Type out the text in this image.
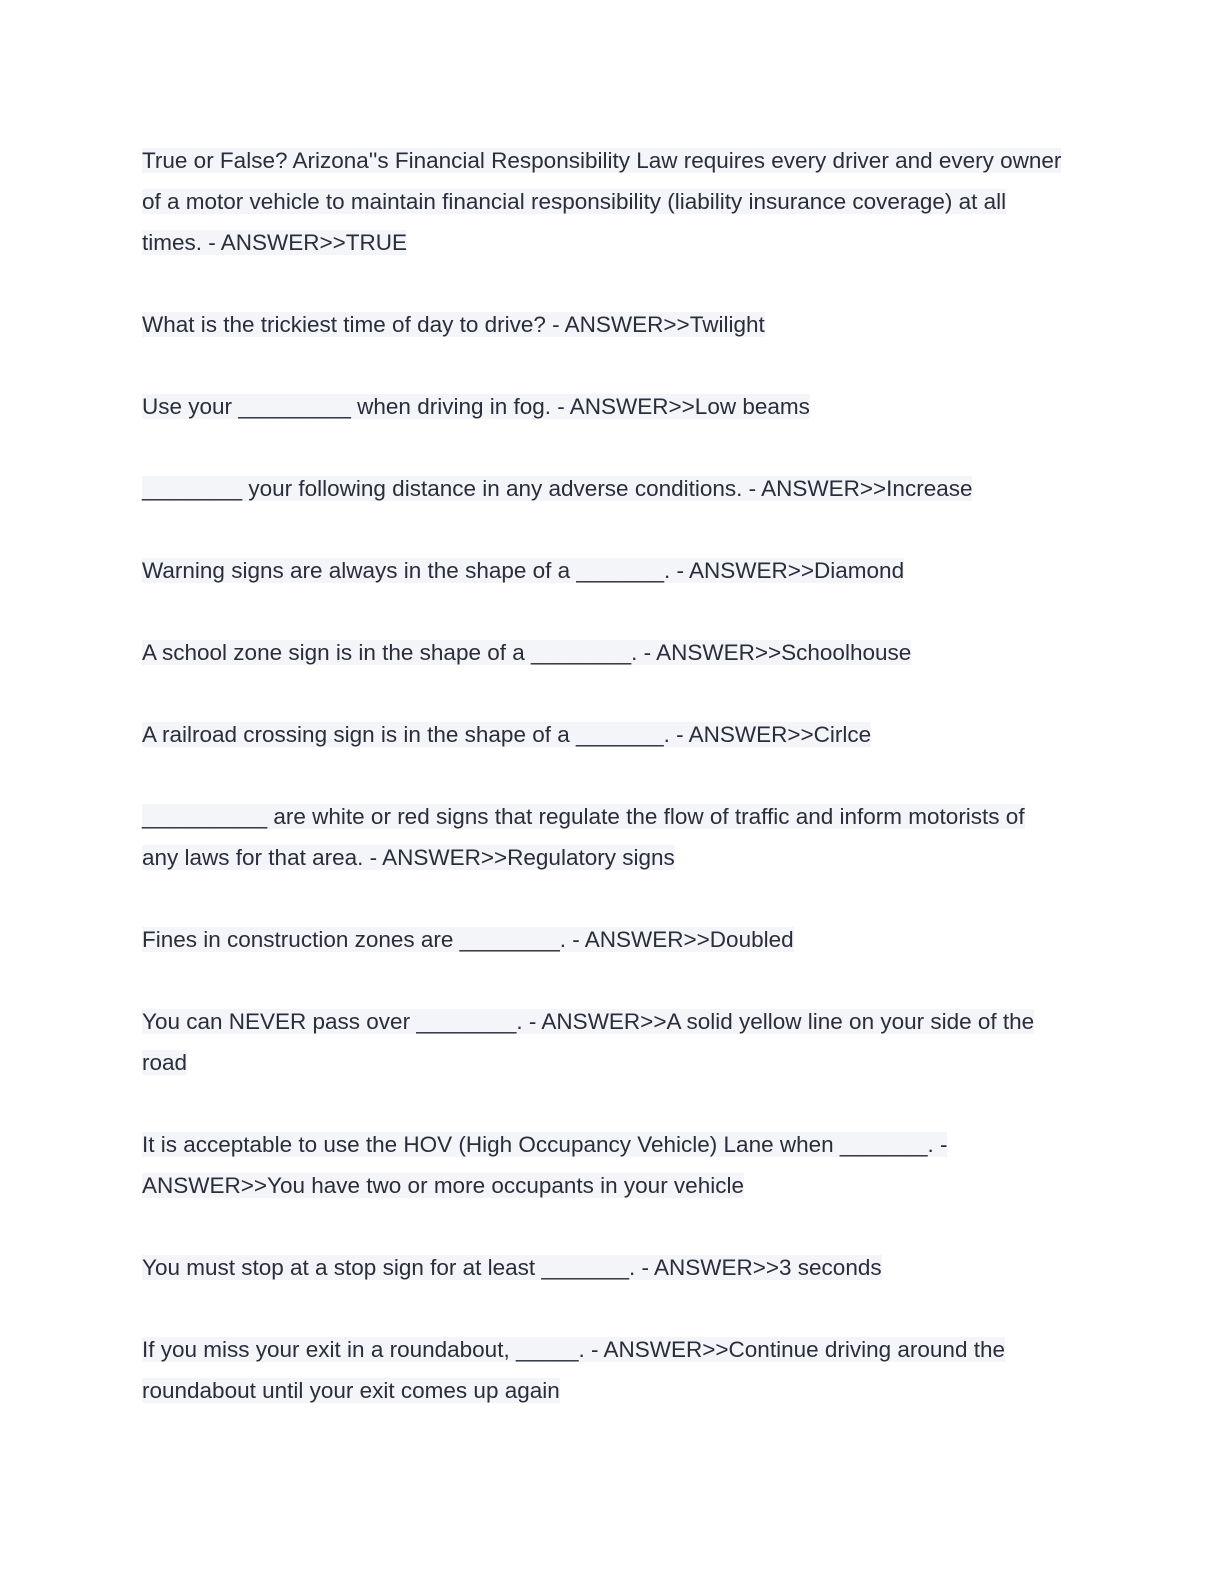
True or False? Arizona''s Financial Responsibility Law requires every driver and every owner of a motor vehicle to maintain financial responsibility (liability insurance coverage) at all times. - ANSWER>>TRUE

What is the trickiest time of day to drive? - ANSWER>>Twilight

Use your _________ when driving in fog. - ANSWER>>Low beams

________ your following distance in any adverse conditions. - ANSWER>>Increase

Warning signs are always in the shape of a _______. - ANSWER>>Diamond

A school zone sign is in the shape of a ________. - ANSWER>>Schoolhouse

A railroad crossing sign is in the shape of a _______. - ANSWER>>Cirlce

__________ are white or red signs that regulate the flow of traffic and inform motorists of any laws for that area. - ANSWER>>Regulatory signs

Fines in construction zones are ________. - ANSWER>>Doubled

You can NEVER pass over ________. - ANSWER>>A solid yellow line on your side of the road

It is acceptable to use the HOV (High Occupancy Vehicle) Lane when _______. - ANSWER>>You have two or more occupants in your vehicle

You must stop at a stop sign for at least _______. - ANSWER>>3 seconds

If you miss your exit in a roundabout, _____. - ANSWER>>Continue driving around the roundabout until your exit comes up again
